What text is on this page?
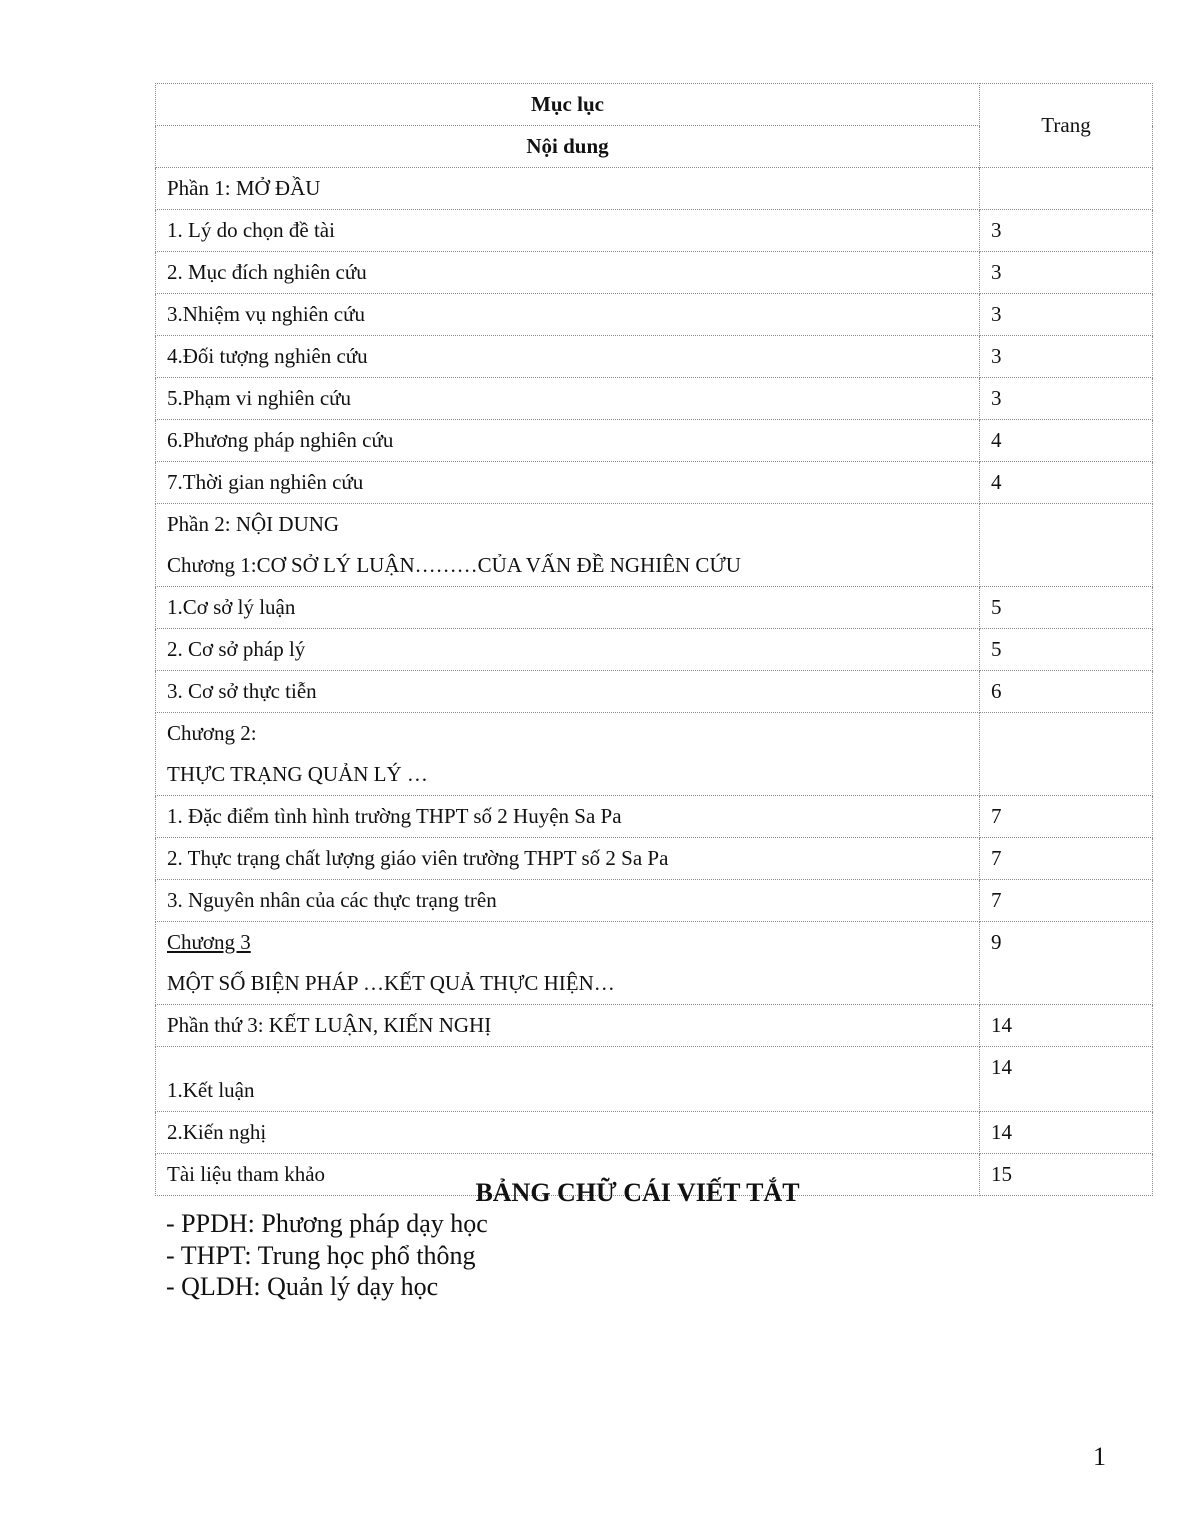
Mục lục	Trang
Nội dung	

Phần 1: MỞ ĐẦU	

1. Lý do chọn đề tài	3

2. Mục đích nghiên cứu	3

3.Nhiệm vụ nghiên cứu	3

4.Đối tượng nghiên cứu	3

5.Phạm vi nghiên cứu	3

6.Phương pháp nghiên cứu	4

7.Thời gian nghiên cứu	4

Phần 2: NỘI DUNG
Chương 1:CƠ SỞ LÝ LUẬN………CỦA VẤN ĐỀ NGHIÊN CỨU	

1.Cơ sở lý luận	5

2. Cơ sở pháp lý	5

3. Cơ sở thực tiễn	6

Chương 2:
THỰC TRẠNG QUẢN LÝ …	

1. Đặc điểm tình hình trường THPT số 2 Huyện Sa Pa	7

2. Thực trạng chất lượng giáo viên trường THPT số 2 Sa Pa	7

3. Nguyên nhân của các thực trạng trên	7

Chương 3
MỘT SỐ BIỆN PHÁP …KẾT QUẢ THỰC HIỆN…	9

Phần thứ 3: KẾT LUẬN, KIẾN NGHỊ	14

1.Kết luận	14

2.Kiến nghị	14

Tài liệu tham khảo	15
BẢNG CHỮ CÁI VIẾT TẮT
- PPDH: Phương pháp dạy học
- THPT: Trung học phổ thông
- QLDH: Quản lý dạy học
1
